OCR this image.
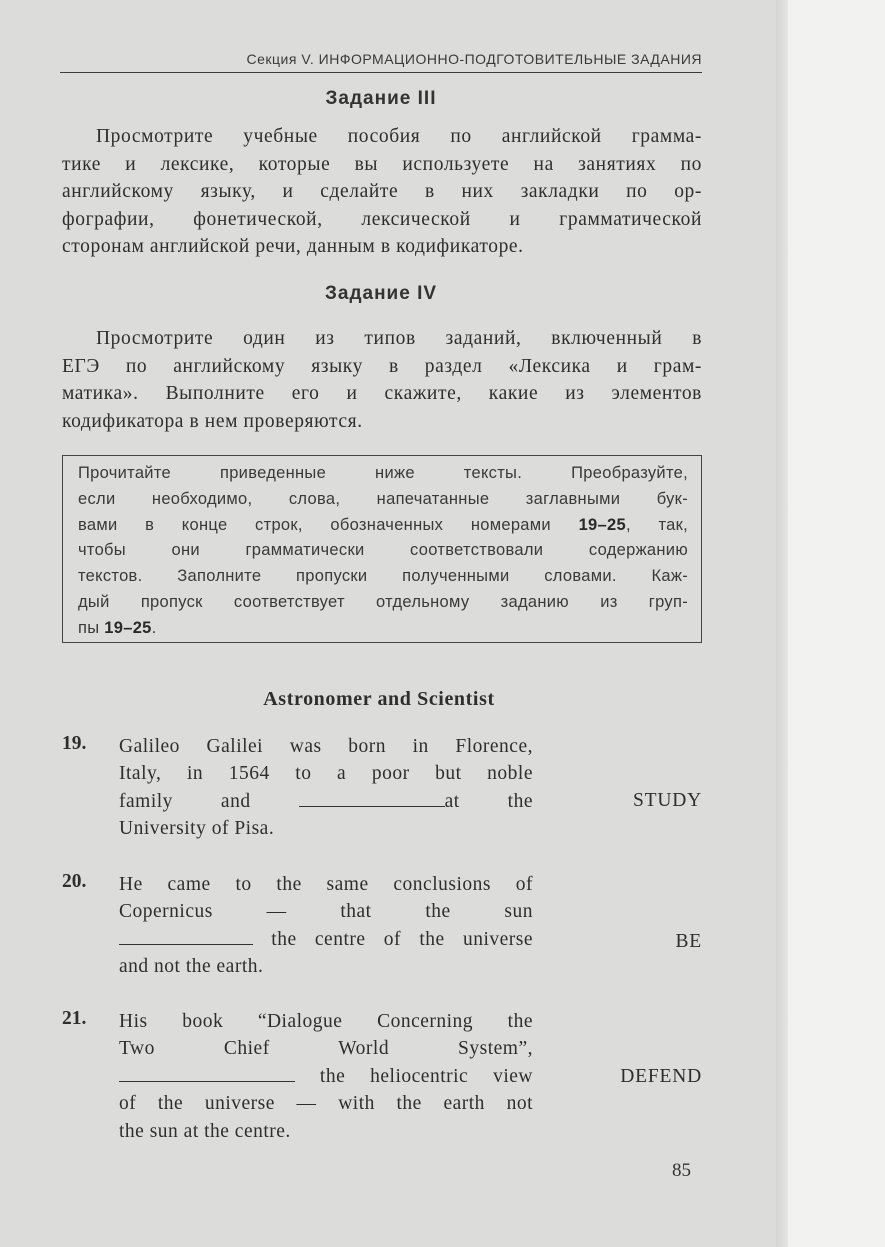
Секция V. ИНФОРМАЦИОННО-ПОДГОТОВИТЕЛЬНЫЕ ЗАДАНИЯ
Задание III
Просмотрите учебные пособия по английской грамма-
тике и лексике, которые вы используете на занятиях по
английскому языку, и сделайте в них закладки по ор-
фографии, фонетической, лексической и грамматической
сторонам английской речи, данным в кодификаторе.
Задание IV
Просмотрите один из типов заданий, включенный в
ЕГЭ по английскому языку в раздел «Лексика и грам-
матика». Выполните его и скажите, какие из элементов
кодификатора в нем проверяются.
Прочитайте приведенные ниже тексты. Преобразуйте,
если необходимо, слова, напечатанные заглавными бук-
вами в конце строк, обозначенных номерами 19–25, так,
чтобы они грамматически соответствовали содержанию
текстов. Заполните пропуски полученными словами. Каж-
дый пропуск соответствует отдельному заданию из груп-
пы 19–25.
Astronomer and Scientist
19. Galileo Galilei was born in Florence,
Italy, in 1564 to a poor but noble
family and	at the
University of Pisa.
STUDY
20. He came to the same conclusions of
Copernicus — that the sun
the centre of the universe
and not the earth.
BE
21. His book “Dialogue Concerning the
Two Chief World System”,
the heliocentric view
of the universe — with the earth not
the sun at the centre.
DEFEND
85
